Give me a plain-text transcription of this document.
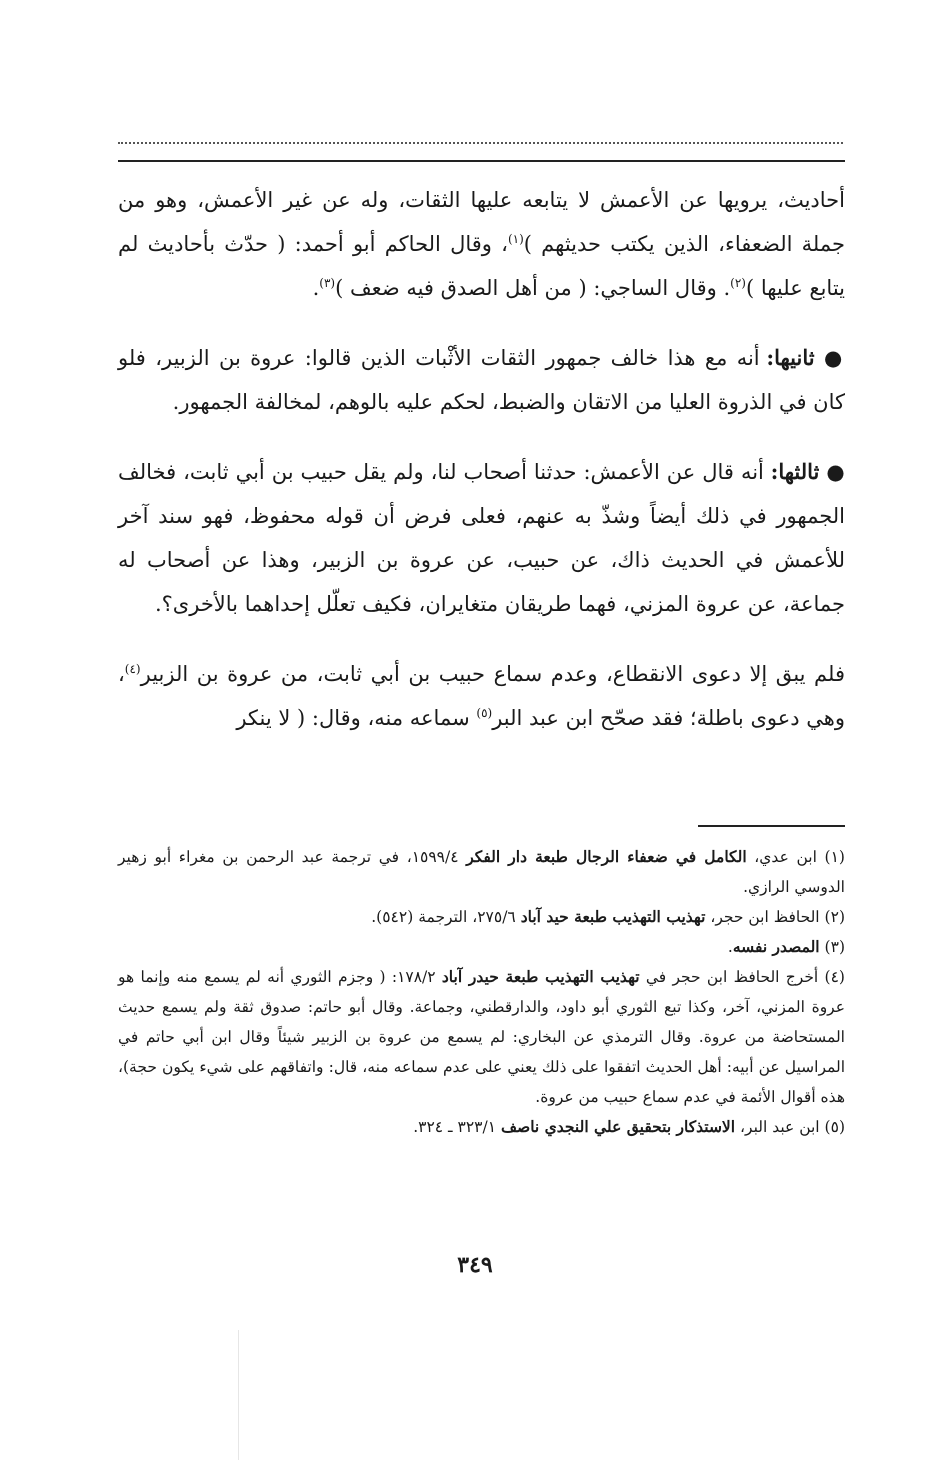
أحاديث، يرويها عن الأعمش لا يتابعه عليها الثقات، وله عن غير الأعمش، وهو من جملة الضعفاء، الذين يكتب حديثهم )$^{(١)}$، وقال الحاكم أبو أحمد: ( حدّث بأحاديث لم يتابع عليها )$^{(٢)}$. وقال الساجي: ( من أهل الصدق فيه ضعف )$^{(٣)}$.

● ثانيها: أنه مع هذا خالف جمهور الثقات الأثْبات الذين قالوا: عروة بن الزبير، فلو كان في الذروة العليا من الاتقان والضبط، لحكم عليه بالوهم، لمخالفة الجمهور.

● ثالثها: أنه قال عن الأعمش: حدثنا أصحاب لنا، ولم يقل حبيب بن أبي ثابت، فخالف الجمهور في ذلك أيضاً وشذّ به عنهم، فعلى فرض أن قوله محفوظ، فهو سند آخر للأعمش في الحديث ذاك، عن حبيب، عن عروة بن الزبير، وهذا عن أصحاب له جماعة، عن عروة المزني، فهما طريقان متغايران، فكيف تعلّل إحداهما بالأخرى؟.

فلم يبق إلا دعوى الانقطاع، وعدم سماع حبيب بن أبي ثابت، من عروة بن الزبير$^{(٤)}$، وهي دعوى باطلة؛ فقد صحّح ابن عبد البر$^{(٥)}$ سماعه منه، وقال: ( لا ينكر

(١) ابن عدي، الكامل في ضعفاء الرجال طبعة دار الفكر ١٥٩٩/٤، في ترجمة عبد الرحمن بن مغراء أبو زهير الدوسي الرازي.

(٢) الحافظ ابن حجر، تهذيب التهذيب طبعة حيد آباد ٢٧٥/٦، الترجمة (٥٤٢).

(٣) المصدر نفسه.

(٤) أخرج الحافظ ابن حجر في تهذيب التهذيب طبعة حيدر آباد ١٧٨/٢: ( وجزم الثوري أنه لم يسمع منه وإنما هو عروة المزني، آخر، وكذا تبع الثوري أبو داود، والدارقطني، وجماعة. وقال أبو حاتم: صدوق ثقة ولم يسمع حديث المستحاضة من عروة. وقال الترمذي عن البخاري: لم يسمع من عروة بن الزبير شيئاً وقال ابن أبي حاتم في المراسيل عن أبيه: أهل الحديث اتفقوا على ذلك يعني على عدم سماعه منه، قال: واتفاقهم على شيء يكون حجة)، هذه أقوال الأئمة في عدم سماع حبيب من عروة.

(٥) ابن عبد البر، الاستذكار بتحقيق علي النجدي ناصف ٣٢٣/١ ـ ٣٢٤.

٣٤٩
